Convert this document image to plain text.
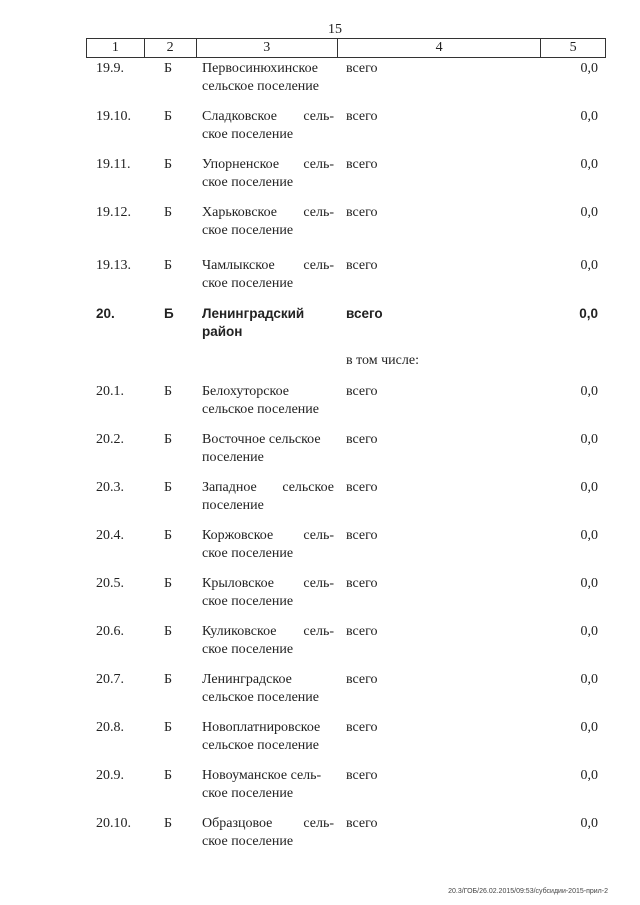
15
1	2	3	4	5
19.9.	Б	Первосинюхинское
сельское поселение
всего	0,0
19.10.	Б	Сладковское сель-
ское поселение
всего	0,0
19.11.	Б	Упорненское сель-
ское поселение
всего	0,0
19.12.	Б	Харьковское сель-
ское поселение
всего	0,0
19.13.	Б	Чамлыкское сель-
ское поселение
всего	0,0
20.	Б	Ленинградский
район
всего	0,0
20.1.	Б	Белохуторское
сельское поселение
всего	0,0
20.2.	Б	Восточное сельское
поселение
всего	0,0
20.3.	Б	Западное сельское
поселение
всего	0,0
20.4.	Б	Коржовское сель-
ское поселение
всего	0,0
20.5.	Б	Крыловское сель-
ское поселение
всего	0,0
20.6.	Б	Куликовское сель-
ское поселение
всего	0,0
20.7.	Б	Ленинградское
сельское поселение
всего	0,0
20.8.	Б	Новоплатнировское
сельское поселение
всего	0,0
20.9.	Б	Новоуманское сель-
ское поселение
всего	0,0
20.10.	Б	Образцовое сель-
ское поселение
всего	0,0
в том числе:
20.3/ГОБ/26.02.2015/09:53/субсидии-2015-прил-2
